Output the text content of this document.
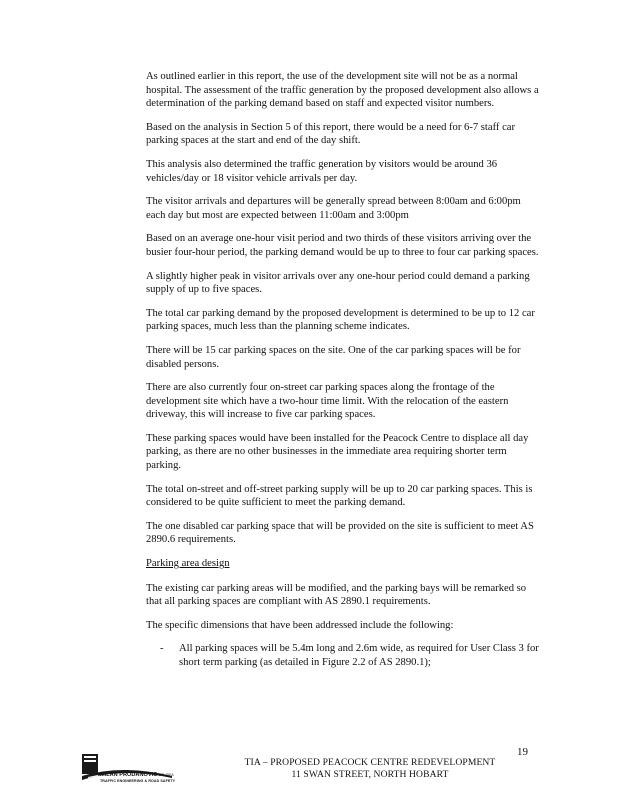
As outlined earlier in this report, the use of the development site will not be as a normal hospital. The assessment of the traffic generation by the proposed development also allows a determination of the parking demand based on staff and expected visitor numbers.

Based on the analysis in Section 5 of this report, there would be a need for 6-7 staff car parking spaces at the start and end of the day shift.

This analysis also determined the traffic generation by visitors would be around 36 vehicles/day or 18 visitor vehicle arrivals per day.

The visitor arrivals and departures will be generally spread between 8:00am and 6:00pm each day but most are expected between 11:00am and 3:00pm

Based on an average one-hour visit period and two thirds of these visitors arriving over the busier four-hour period, the parking demand would be up to three to four car parking spaces.

A slightly higher peak in visitor arrivals over any one-hour period could demand a parking supply of up to five spaces.

The total car parking demand by the proposed development is determined to be up to 12 car parking spaces, much less than the planning scheme indicates.

There will be 15 car parking spaces on the site. One of the car parking spaces will be for disabled persons.

There are also currently four on-street car parking spaces along the frontage of the development site which have a two-hour time limit. With the relocation of the eastern driveway, this will increase to five car parking spaces.

These parking spaces would have been installed for the Peacock Centre to displace all day parking, as there are no other businesses in the immediate area requiring shorter term parking.

The total on-street and off-street parking supply will be up to 20 car parking spaces. This is considered to be quite sufficient to meet the parking demand.

The one disabled car parking space that will be provided on the site is sufficient to meet AS 2890.6 requirements.

Parking area design

The existing car parking areas will be modified, and the parking bays will be remarked so that all parking spaces are compliant with AS 2890.1 requirements.

The specific dimensions that have been addressed include the following:

-	All parking spaces will be 5.4m long and 2.6m wide, as required for User Class 3 for short term parking (as detailed in Figure 2.2 of AS 2890.1);
19
MILAN PRODANOVIC B.E. FIEA
TRAFFIC ENGINEERING & ROAD SAFETY
TIA – PROPOSED PEACOCK CENTRE REDEVELOPMENT
11 SWAN STREET, NORTH HOBART
